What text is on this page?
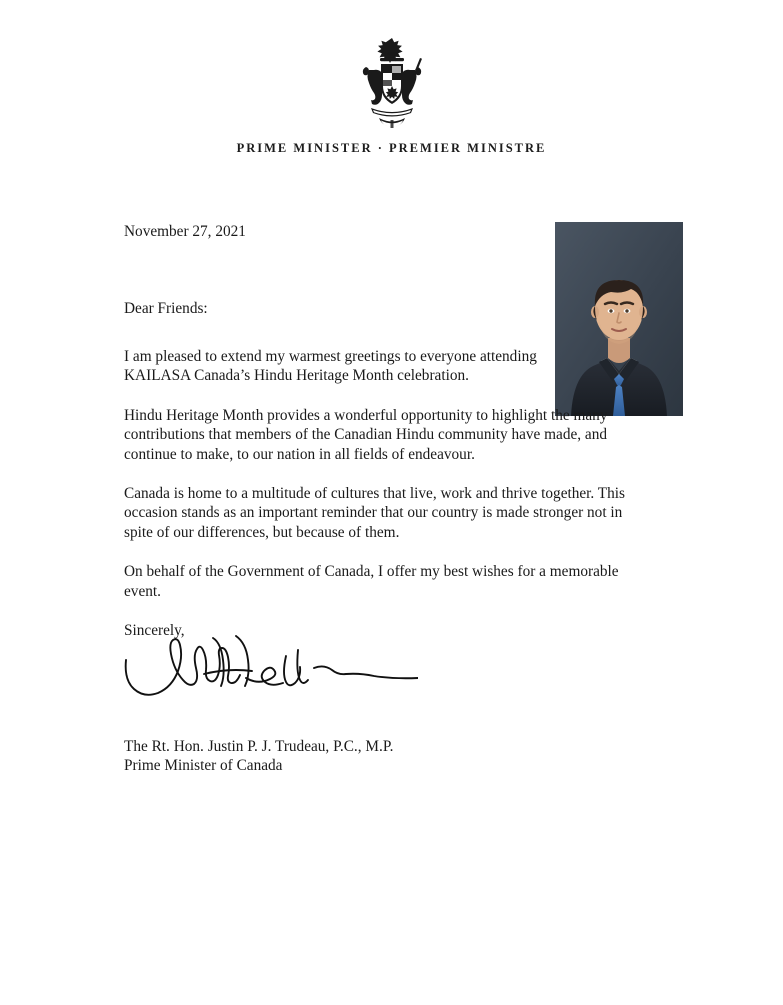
PRIME MINISTER · PREMIER MINISTRE

November 27, 2021

Dear Friends:

I am pleased to extend my warmest greetings to everyone attending KAILASA Canada’s Hindu Heritage Month celebration.

Hindu Heritage Month provides a wonderful opportunity to highlight the many contributions that members of the Canadian Hindu community have made, and continue to make, to our nation in all fields of endeavour.

Canada is home to a multitude of cultures that live, work and thrive together. This occasion stands as an important reminder that our country is made stronger not in spite of our differences, but because of them.

On behalf of the Government of Canada, I offer my best wishes for a memorable event.

Sincerely,

The Rt. Hon. Justin P. J. Trudeau, P.C., M.P.
Prime Minister of Canada
